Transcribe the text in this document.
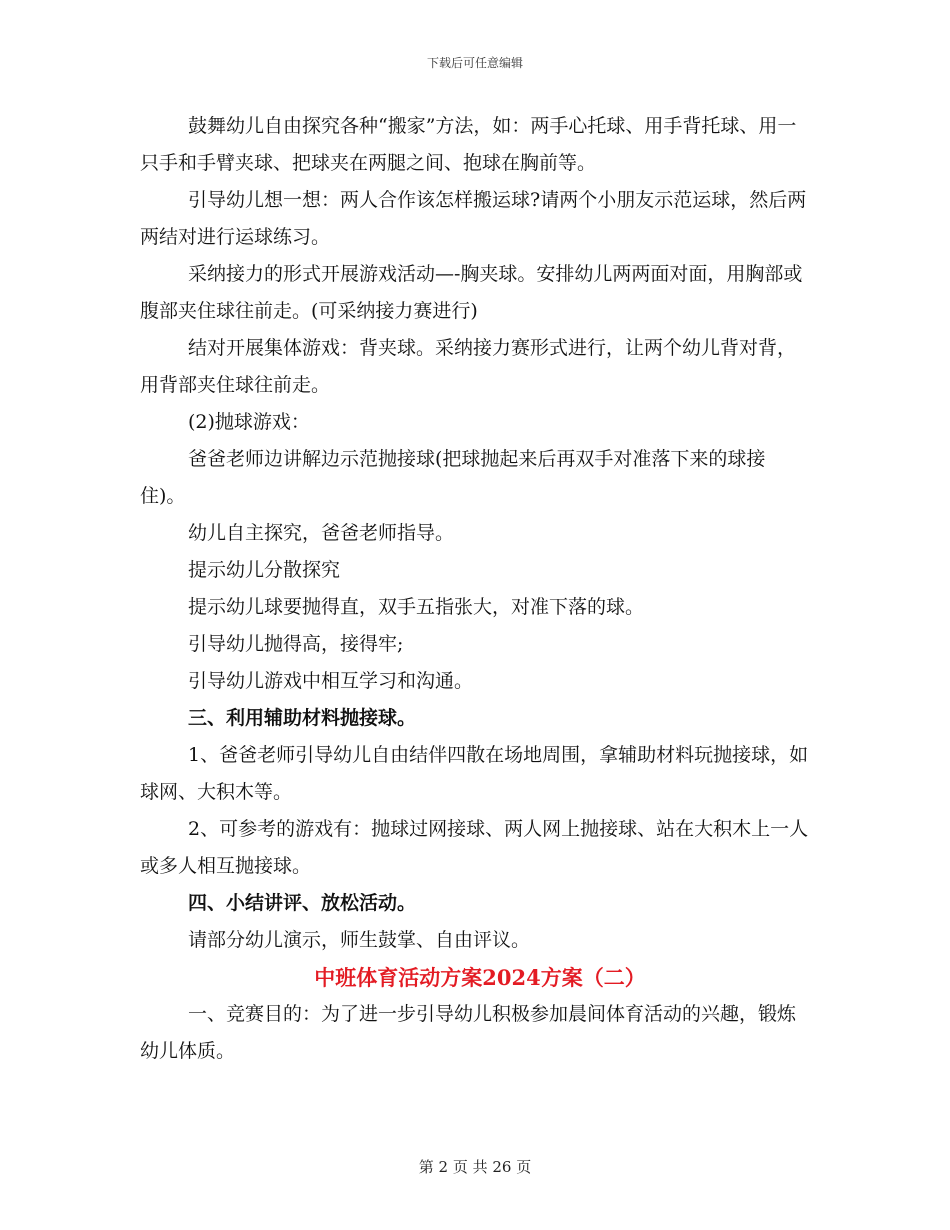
下载后可任意编辑

鼓舞幼儿自由探究各种“搬家”方法，如：两手心托球、用手背托球、用一只手和手臂夹球、把球夹在两腿之间、抱球在胸前等。

引导幼儿想一想：两人合作该怎样搬运球?请两个小朋友示范运球，然后两两结对进行运球练习。

采纳接力的形式开展游戏活动—-胸夹球。安排幼儿两两面对面，用胸部或腹部夹住球往前走。(可采纳接力赛进行)

结对开展集体游戏：背夹球。采纳接力赛形式进行，让两个幼儿背对背，用背部夹住球往前走。

(2)抛球游戏：

爸爸老师边讲解边示范抛接球(把球抛起来后再双手对准落下来的球接住)。

幼儿自主探究，爸爸老师指导。

提示幼儿分散探究

提示幼儿球要抛得直，双手五指张大，对准下落的球。

引导幼儿抛得高，接得牢;

引导幼儿游戏中相互学习和沟通。

三、利用辅助材料抛接球。

1、爸爸老师引导幼儿自由结伴四散在场地周围，拿辅助材料玩抛接球，如球网、大积木等。

2、可参考的游戏有：抛球过网接球、两人网上抛接球、站在大积木上一人或多人相互抛接球。

四、小结讲评、放松活动。

请部分幼儿演示，师生鼓掌、自由评议。

中班体育活动方案2024方案（二）

一、竞赛目的：为了进一步引导幼儿积极参加晨间体育活动的兴趣，锻炼幼儿体质。

第 2 页 共 26 页
